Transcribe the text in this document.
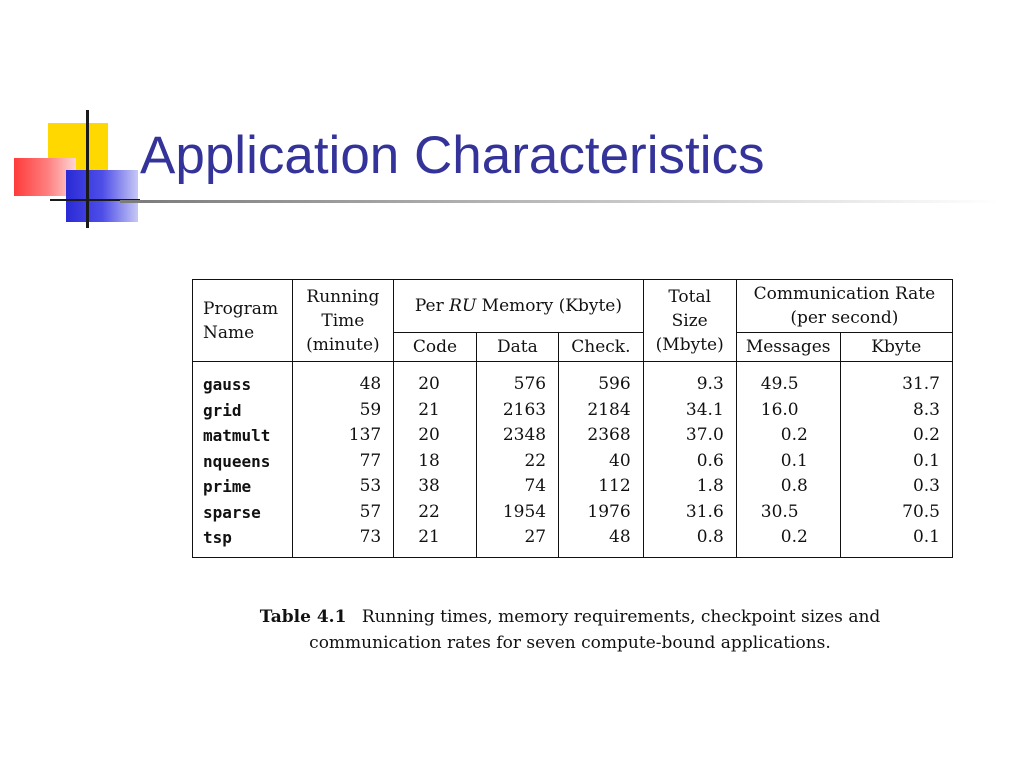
Application Characteristics
Program Name	Running Time (minute)	Per RU Memory (Kbyte)			Total Size (Mbyte)	Communication Rate (per second)	
		Code	Data	Check.		Messages	Kbyte
gauss	48	20	576	596	9.3	49.5	31.7
grid	59	21	2163	2184	34.1	16.0	8.3
matmult	137	20	2348	2368	37.0	0.2	0.2
nqueens	77	18	22	40	0.6	0.1	0.1
prime	53	38	74	112	1.8	0.8	0.3
sparse	57	22	1954	1976	31.6	30.5	70.5
tsp	73	21	27	48	0.8	0.2	0.1

Table 4.1 Running times, memory requirements, checkpoint sizes and communication rates for seven compute-bound applications.
